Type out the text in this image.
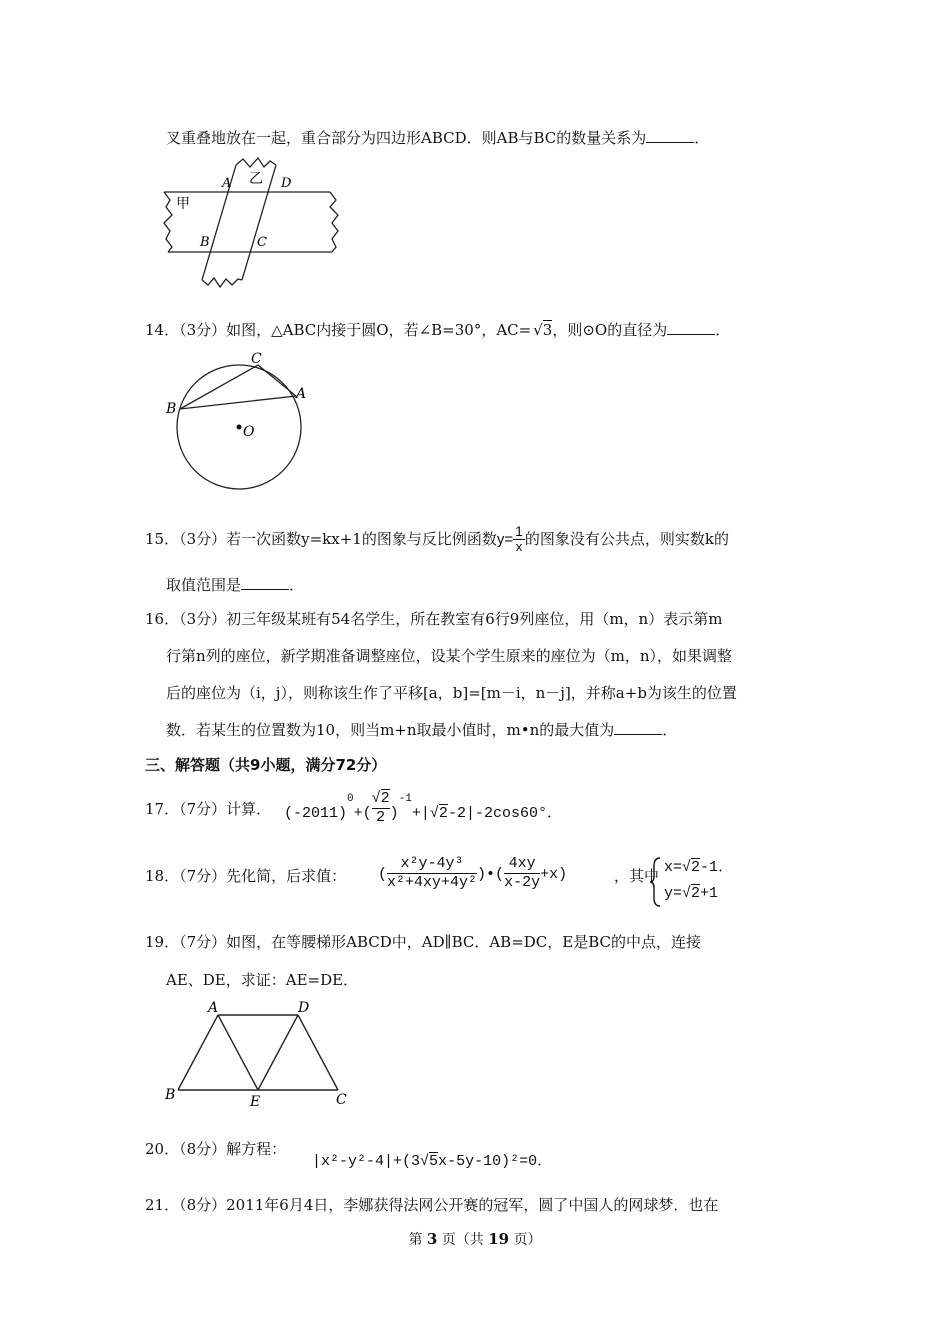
叉重叠地放在一起，重合部分为四边形ABCD．则AB与BC的数量关系为	．
甲
乙
A	D
B	C
14．（3分）如图，△ABC内接于圆O，若∠B=30°，AC= √3，则⊙O的直径为	．
C
A
B
O
15．（3分）若一次函数y=kx+1的图象与反比例函数$y= \frac{1}{x}$ 的图象没有公共点，则实数k的
取值范围是	．
16．（3分）初三年级某班有54名学生，所在教室有6行9列座位，用（m，n）表示第m
行第n列的座位，新学期准备调整座位，设某个学生原来的座位为（m，n），如果调整
后的座位为（i，j），则称该生作了平移[a，b]=[m－i，n－j]，并称a+b为该生的位置
数．若某生的位置数为10，则当m+n取最小值时，m•n的最大值为	．
三、解答题（共9小题，满分72分）
17．（7分）计算． $(-2011)^0+( \frac{√2}{2} )^{-1}+|√2-2|-2\cos 60^\circ$．
18．（7分）先化简，后求值： ( $\frac{\text{x²y-4y³}}{\text{x²+4xy+4y²}}$ )•( $\frac{4xy}{x-2y} +x$)	，其中 x=√2-1．
y=√2+1
19．（7分）如图，在等腰梯形ABCD中，AD∥BC．AB=DC，E是BC的中点，连接
AE、DE，求证：AE=DE．
A	D
B	E	C
20．（8分）解方程：
|x²-y²-4|+(3√5x-5y-10)²=0．
21．（8分）2011年6月4日，李娜获得法网公开赛的冠军，圆了中国人的网球梦．也在
第 3 页（共 19 页）
